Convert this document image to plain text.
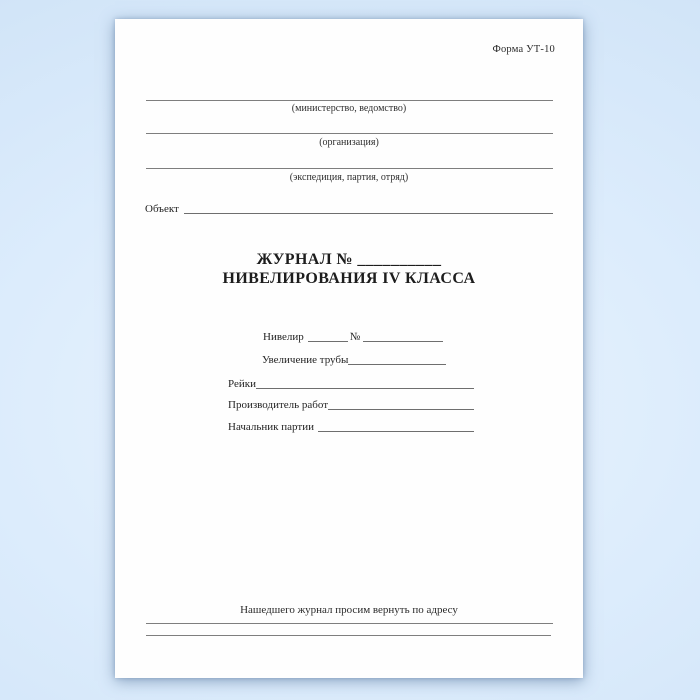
Форма УТ-10
(министерство, ведомство)
(организация)
(экспедиция, партия, отряд)
Объект
ЖУРНАЛ № __________
НИВЕЛИРОВАНИЯ IV КЛАССА
Нивелир	№
Увеличение трубы
Рейки
Производитель работ
Начальник партии
Нашедшего журнал просим вернуть по адресу
